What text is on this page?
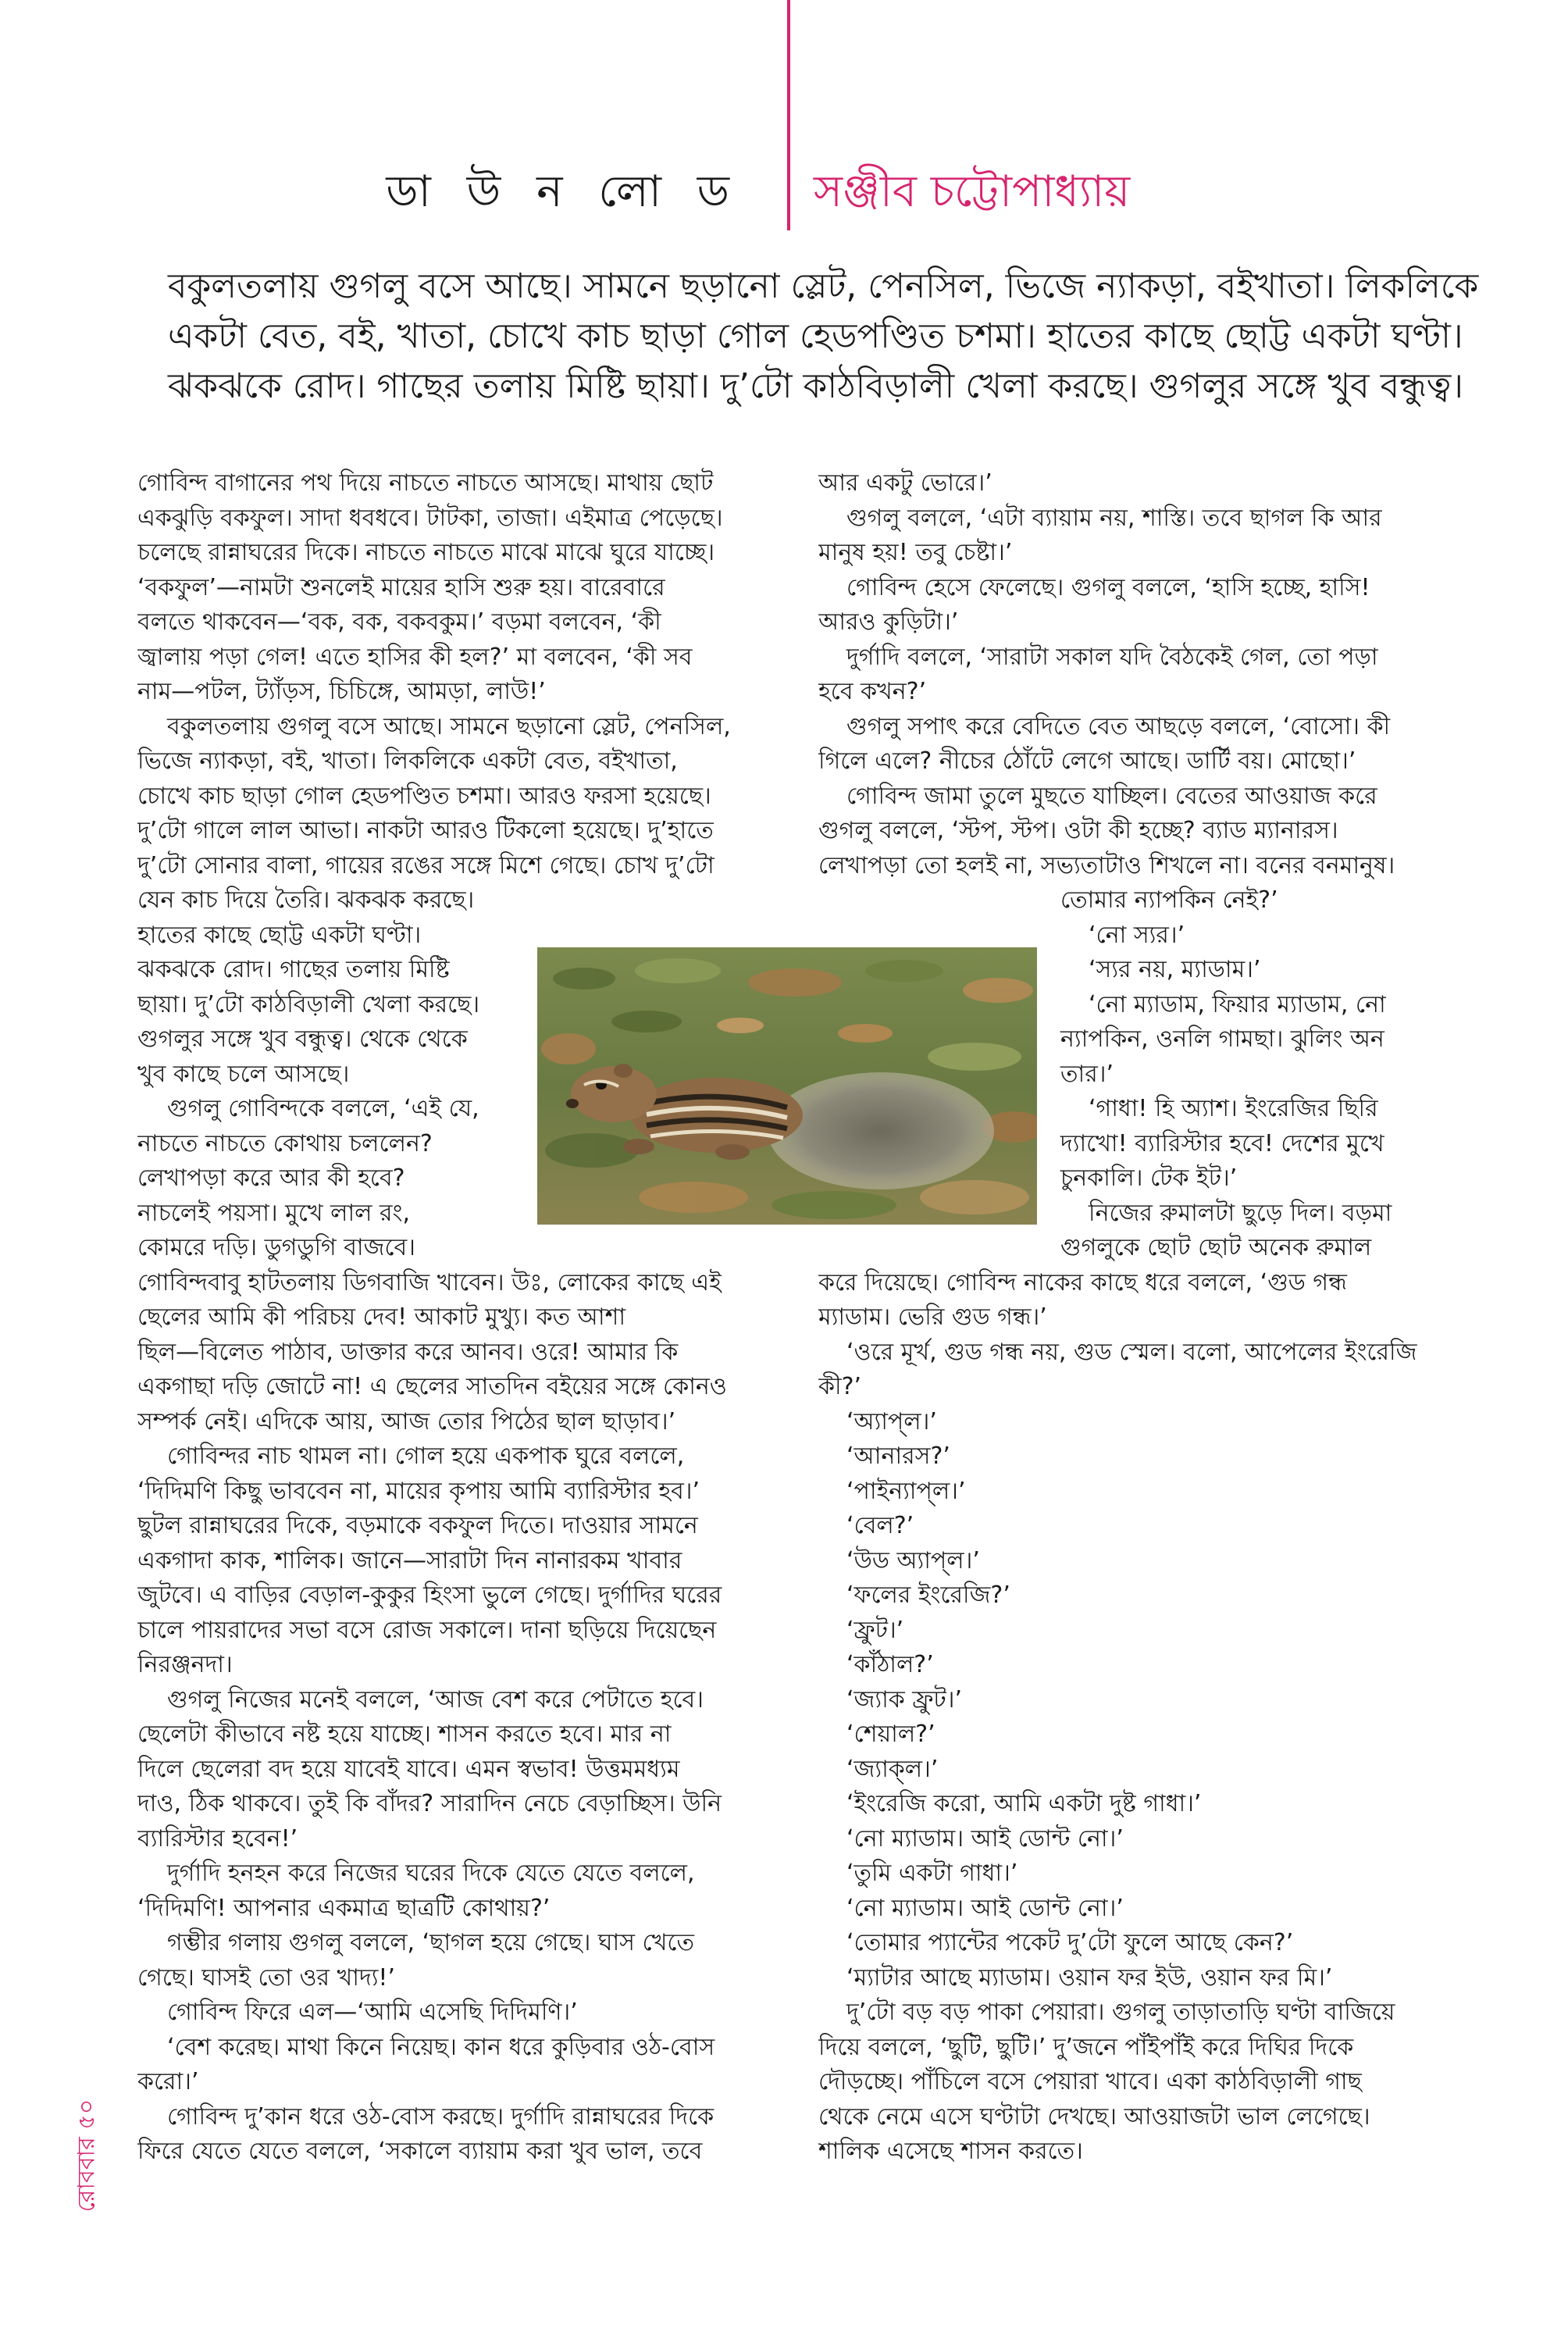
ডা উ ন লো ড সঞ্জীব চট্টোপাধ্যায়

বকুলতলায় গুগলু বসে আছে। সামনে ছড়ানো স্লেট, পেনসিল, ভিজে ন্যাকড়া, বইখাতা। লিকলিকে

একটা বেত, বই, খাতা, চোখে কাচ ছাড়া গোল হেডপণ্ডিত চশমা। হাতের কাছে ছোট্ট একটা ঘণ্টা।

ঝকঝকে রোদ। গাছের তলায় মিষ্টি ছায়া। দু’টো কাঠবিড়ালী খেলা করছে। গুগলুর সঙ্গে খুব বন্ধুত্ব।

গোবিন্দ বাগানের পথ দিয়ে নাচতে নাচতে আসছে। মাথায় ছোট

একঝুড়ি বকফুল। সাদা ধবধবে। টাটকা, তাজা। এইমাত্র পেড়েছে।

চলেছে রান্নাঘরের দিকে। নাচতে নাচতে মাঝে মাঝে ঘুরে যাচ্ছে।

‘বকফুল’—নামটা শুনলেই মায়ের হাসি শুরু হয়। বারেবারে

বলতে থাকবেন—‘বক, বক, বকবকুম।’ বড়মা বলবেন, ‘কী

জ্বালায় পড়া গেল! এতে হাসির কী হল?’ মা বলবেন, ‘কী সব

নাম—পটল, ট্যাঁড়স, চিচিঙ্গে, আমড়া, লাউ!’

বকুলতলায় গুগলু বসে আছে। সামনে ছড়ানো স্লেট, পেনসিল,

ভিজে ন্যাকড়া, বই, খাতা। লিকলিকে একটা বেত, বইখাতা,

চোখে কাচ ছাড়া গোল হেডপণ্ডিত চশমা। আরও ফরসা হয়েছে।

দু’টো গালে লাল আভা। নাকটা আরও টিকলো হয়েছে। দু’হাতে

দু’টো সোনার বালা, গায়ের রঙের সঙ্গে মিশে গেছে। চোখ দু’টো

যেন কাচ দিয়ে তৈরি। ঝকঝক করছে।

হাতের কাছে ছোট্ট একটা ঘণ্টা।

ঝকঝকে রোদ। গাছের তলায় মিষ্টি

ছায়া। দু’টো কাঠবিড়ালী খেলা করছে।

গুগলুর সঙ্গে খুব বন্ধুত্ব। থেকে থেকে

খুব কাছে চলে আসছে।

গুগলু গোবিন্দকে বললে, ‘এই যে,

নাচতে নাচতে কোথায় চললেন?

লেখাপড়া করে আর কী হবে?

নাচলেই পয়সা। মুখে লাল রং,

কোমরে দড়ি। ডুগডুগি বাজবে।

গোবিন্দবাবু হাটতলায় ডিগবাজি খাবেন। উঃ, লোকের কাছে এই

ছেলের আমি কী পরিচয় দেব! আকাট মুখ্যু। কত আশা

ছিল—বিলেত পাঠাব, ডাক্তার করে আনব। ওরে! আমার কি

একগাছা দড়ি জোটে না! এ ছেলের সাতদিন বইয়ের সঙ্গে কোনও

সম্পর্ক নেই। এদিকে আয়, আজ তোর পিঠের ছাল ছাড়াব।’

গোবিন্দর নাচ থামল না। গোল হয়ে একপাক ঘুরে বললে,

‘দিদিমণি কিছু ভাববেন না, মায়ের কৃপায় আমি ব্যারিস্টার হব।’

ছুটল রান্নাঘরের দিকে, বড়মাকে বকফুল দিতে। দাওয়ার সামনে

একগাদা কাক, শালিক। জানে—সারাটা দিন নানারকম খাবার

জুটবে। এ বাড়ির বেড়াল-কুকুর হিংসা ভুলে গেছে। দুর্গাদির ঘরের

চালে পায়রাদের সভা বসে রোজ সকালে। দানা ছড়িয়ে দিয়েছেন

নিরঞ্জনদা।

গুগলু নিজের মনেই বললে, ‘আজ বেশ করে পেটাতে হবে।

ছেলেটা কীভাবে নষ্ট হয়ে যাচ্ছে। শাসন করতে হবে। মার না

দিলে ছেলেরা বদ হয়ে যাবেই যাবে। এমন স্বভাব! উত্তমমধ্যম

দাও, ঠিক থাকবে। তুই কি বাঁদর? সারাদিন নেচে বেড়াচ্ছিস। উনি

ব্যারিস্টার হবেন!’

দুর্গাদি হনহন করে নিজের ঘরের দিকে যেতে যেতে বললে,

‘দিদিমণি! আপনার একমাত্র ছাত্রটি কোথায়?’

গম্ভীর গলায় গুগলু বললে, ‘ছাগল হয়ে গেছে। ঘাস খেতে

গেছে। ঘাসই তো ওর খাদ্য!’

গোবিন্দ ফিরে এল—‘আমি এসেছি দিদিমণি।’

‘বেশ করেছ। মাথা কিনে নিয়েছ। কান ধরে কুড়িবার ওঠ-বোস

করো।’

গোবিন্দ দু’কান ধরে ওঠ-বোস করছে। দুর্গাদি রান্নাঘরের দিকে

ফিরে যেতে যেতে বললে, ‘সকালে ব্যায়াম করা খুব ভাল, তবে

আর একটু ভোরে।’

গুগলু বললে, ‘এটা ব্যায়াম নয়, শাস্তি। তবে ছাগল কি আর

মানুষ হয়! তবু চেষ্টা।’

গোবিন্দ হেসে ফেলেছে। গুগলু বললে, ‘হাসি হচ্ছে, হাসি!

আরও কুড়িটা।’

দুর্গাদি বললে, ‘সারাটা সকাল যদি বৈঠকেই গেল, তো পড়া

হবে কখন?’

গুগলু সপাৎ করে বেদিতে বেত আছড়ে বললে, ‘বোসো। কী

গিলে এলে? নীচের ঠোঁটে লেগে আছে। ডার্টি বয়। মোছো।’

গোবিন্দ জামা তুলে মুছতে যাচ্ছিল। বেতের আওয়াজ করে

গুগলু বললে, ‘স্টপ, স্টপ। ওটা কী হচ্ছে? ব্যাড ম্যানারস।

লেখাপড়া তো হলই না, সভ্যতাটাও শিখলে না। বনের বনমানুষ।

তোমার ন্যাপকিন নেই?’

‘নো স্যর।’

‘স্যর নয়, ম্যাডাম।’

‘নো ম্যাডাম, ফিয়ার ম্যাডাম, নো

ন্যাপকিন, ওনলি গামছা। ঝুলিং অন

তার।’

‘গাধা! হি অ্যাশ। ইংরেজির ছিরি

দ্যাখো! ব্যারিস্টার হবে! দেশের মুখে

চুনকালি। টেক ইট।’

নিজের রুমালটা ছুড়ে দিল। বড়মা

গুগলুকে ছোট ছোট অনেক রুমাল

করে দিয়েছে। গোবিন্দ নাকের কাছে ধরে বললে, ‘গুড গন্ধ

ম্যাডাম। ভেরি গুড গন্ধ।’

‘ওরে মূর্খ, গুড গন্ধ নয়, গুড স্মেল। বলো, আপেলের ইংরেজি

কী?’

‘অ্যাপ্‌ল।’

‘আনারস?’

‘পাইন্যাপ্‌ল।’

‘বেল?’

‘উড অ্যাপ্‌ল।’

‘ফলের ইংরেজি?’

‘ফ্রুট।’

‘কাঁঠাল?’

‘জ্যাক ফ্রুট।’

‘শেয়াল?’

‘জ্যাক্‌ল।’

‘ইংরেজি করো, আমি একটা দুষ্ট গাধা।’

‘নো ম্যাডাম। আই ডোন্ট নো।’

‘তুমি একটা গাধা।’

‘নো ম্যাডাম। আই ডোন্ট নো।’

‘তোমার প্যান্টের পকেট দু’টো ফুলে আছে কেন?’

‘ম্যাটার আছে ম্যাডাম। ওয়ান ফর ইউ, ওয়ান ফর মি।’

দু’টো বড় বড় পাকা পেয়ারা। গুগলু তাড়াতাড়ি ঘণ্টা বাজিয়ে

দিয়ে বললে, ‘ছুটি, ছুটি।’ দু’জনে পাঁইপাঁই করে দিঘির দিকে

দৌড়চ্ছে। পাঁচিলে বসে পেয়ারা খাবে। একা কাঠবিড়ালী গাছ

থেকে নেমে এসে ঘণ্টাটা দেখছে। আওয়াজটা ভাল লেগেছে।

শালিক এসেছে শাসন করতে।

রোববার ৫০
